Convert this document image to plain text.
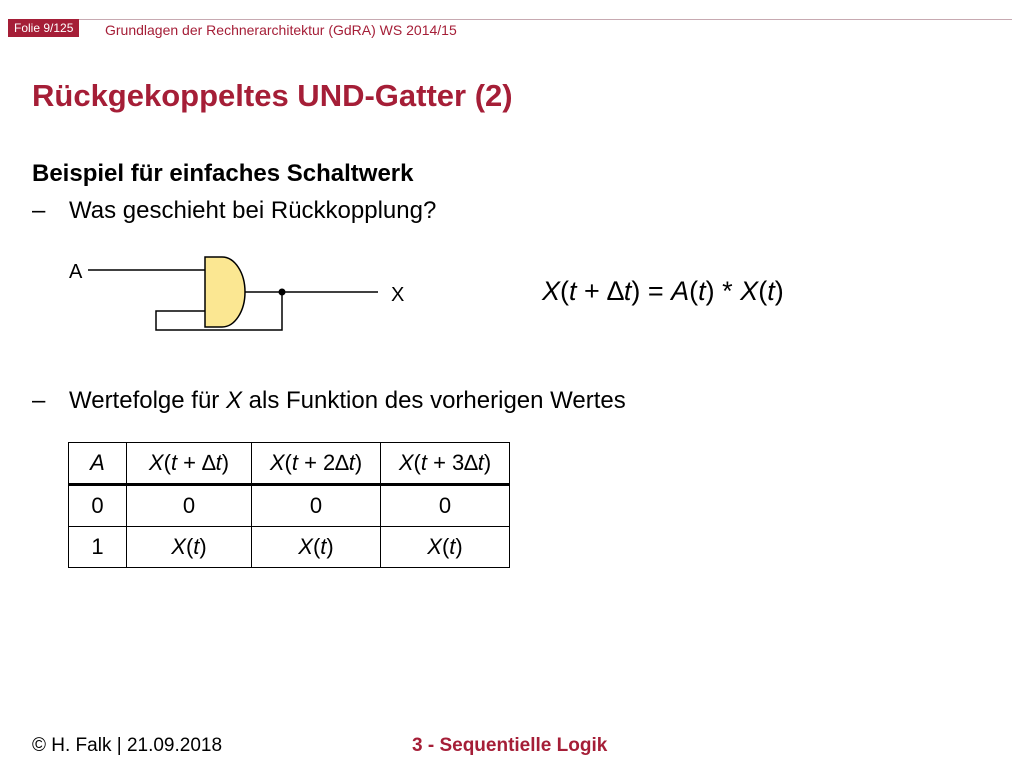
Folie 9/125	Grundlagen der Rechnerarchitektur (GdRA) WS 2014/15
Rückgekoppeltes UND-Gatter (2)
Beispiel für einfaches Schaltwerk
– Was geschieht bei Rückkopplung?
A
X	X(t + ∆t) = A(t) * X(t)
– Wertefolge für X als Funktion des vorherigen Wertes
A	X(t + ∆t)	X(t + 2∆t)	X(t + 3∆t)
0	0	0	0
1	X(t)	X(t)	X(t)
© H. Falk | 21.09.2018	3 - Sequentielle Logik
